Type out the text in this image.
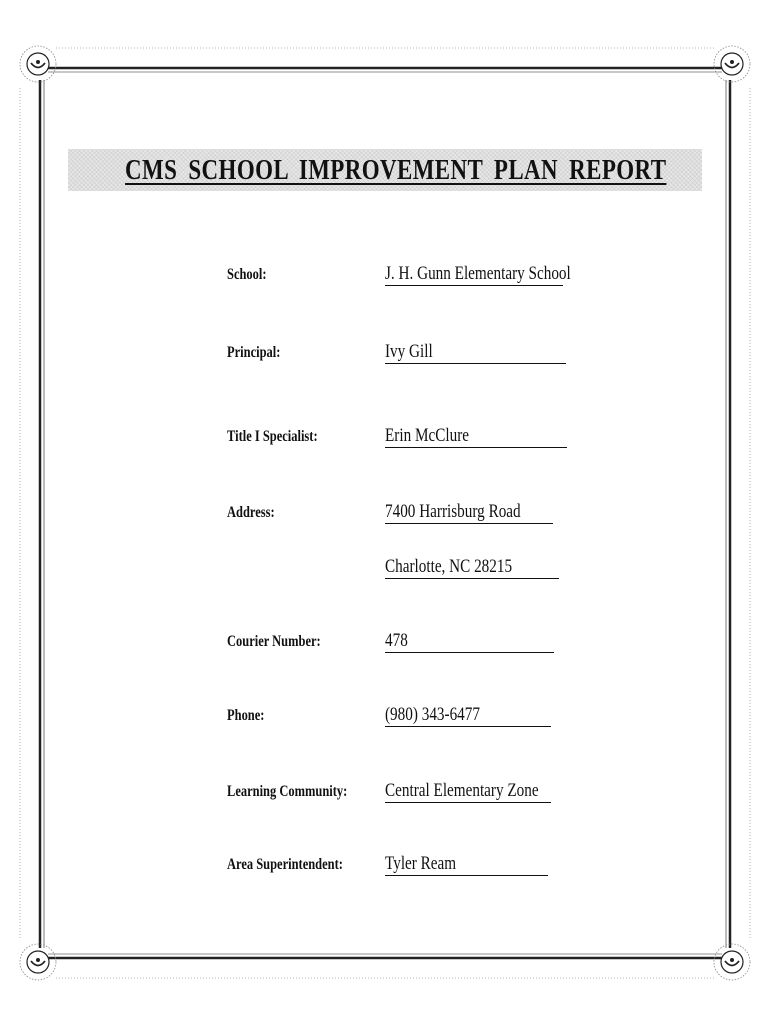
CMS SCHOOL IMPROVEMENT PLAN REPORT
School:	J. H. Gunn Elementary School
Principal:	Ivy Gill
Title I Specialist:	Erin McClure
Address:	7400 Harrisburg Road
Charlotte, NC 28215
Courier Number:	478
Phone:	(980) 343-6477
Learning Community: Central Elementary Zone
Area Superintendent: Tyler Ream
